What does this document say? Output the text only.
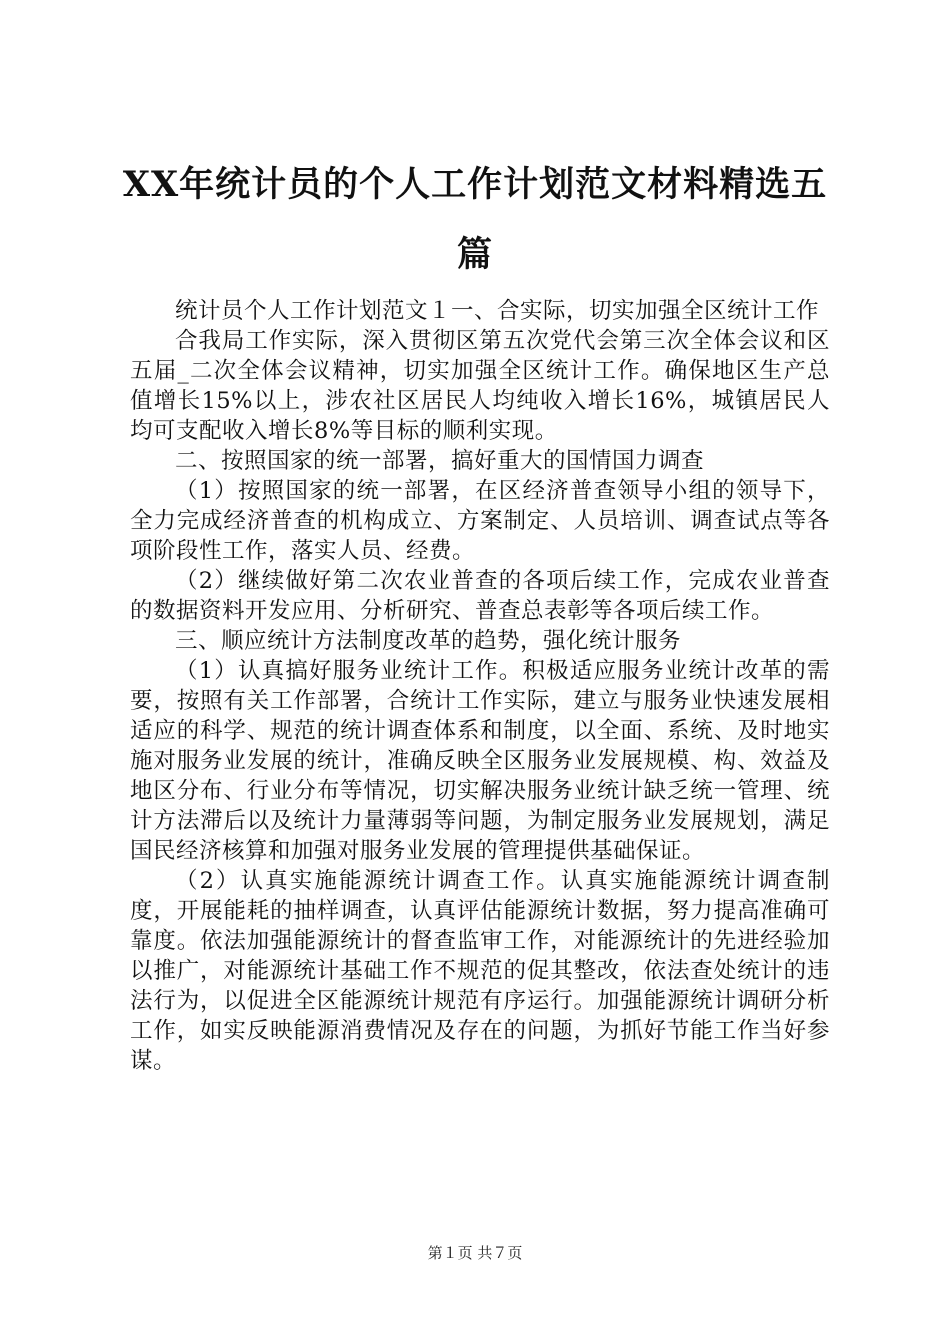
XX年统计员的个人工作计划范文材料精选五篇

统计员个人工作计划范文１一、合实际，切实加强全区统计工作

合我局工作实际，深入贯彻区第五次党代会第三次全体会议和区五届_二次全体会议精神，切实加强全区统计工作。确保地区生产总值增长15%以上，涉农社区居民人均纯收入增长16%，城镇居民人均可支配收入增长8%等目标的顺利实现。

二、按照国家的统一部署，搞好重大的国情国力调查

（1）按照国家的统一部署，在区经济普查领导小组的领导下，全力完成经济普查的机构成立、方案制定、人员培训、调查试点等各项阶段性工作，落实人员、经费。

（2）继续做好第二次农业普查的各项后续工作，完成农业普查的数据资料开发应用、分析研究、普查总表彰等各项后续工作。

三、顺应统计方法制度改革的趋势，强化统计服务

（1）认真搞好服务业统计工作。积极适应服务业统计改革的需要，按照有关工作部署，合统计工作实际，建立与服务业快速发展相适应的科学、规范的统计调查体系和制度，以全面、系统、及时地实施对服务业发展的统计，准确反映全区服务业发展规模、构、效益及地区分布、行业分布等情况，切实解决服务业统计缺乏统一管理、统计方法滞后以及统计力量薄弱等问题，为制定服务业发展规划，满足国民经济核算和加强对服务业发展的管理提供基础保证。

（2）认真实施能源统计调查工作。认真实施能源统计调查制度，开展能耗的抽样调查，认真评估能源统计数据，努力提高准确可靠度。依法加强能源统计的督查监审工作，对能源统计的先进经验加以推广，对能源统计基础工作不规范的促其整改，依法查处统计的违法行为，以促进全区能源统计规范有序运行。加强能源统计调研分析工作，如实反映能源消费情况及存在的问题，为抓好节能工作当好参谋。

第１页 共７页
